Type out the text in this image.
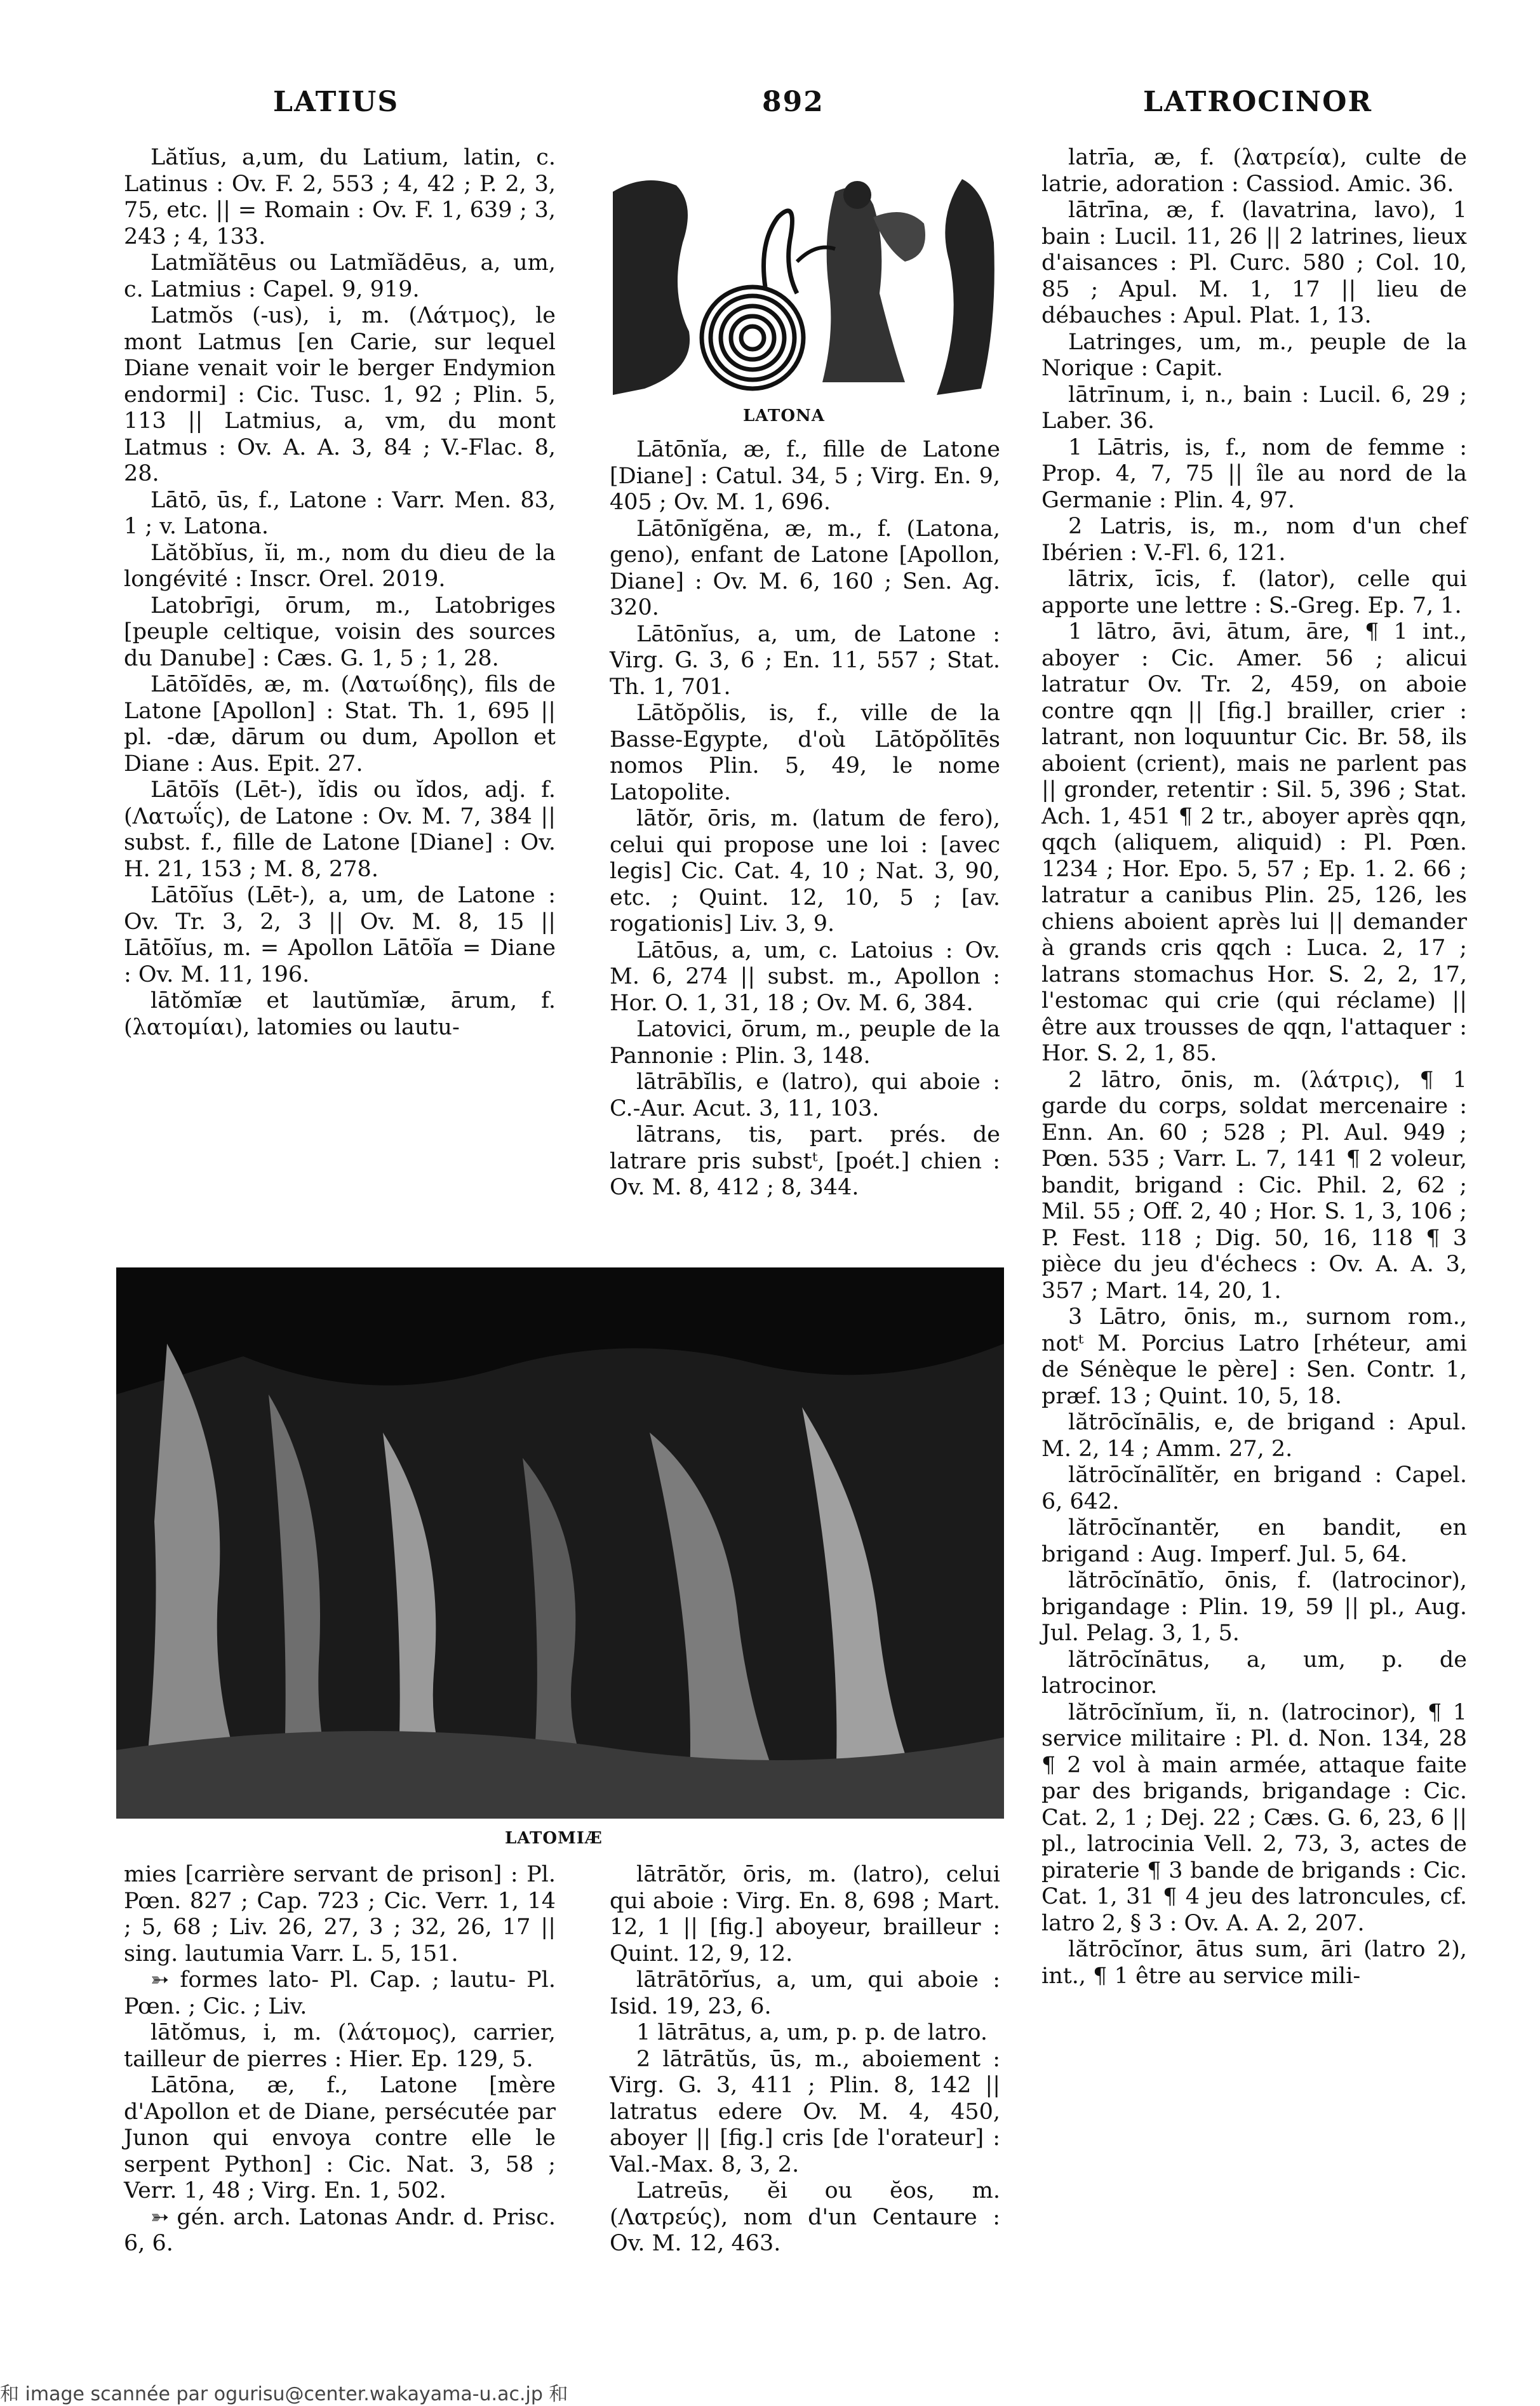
LATIUS	892	LATROCINOR
LATONA
LATOMIÆ

Lătĭus, a,um, du Latium, latin, c. Latinus : Ov. F. 2, 553 ; 4, 42 ; P. 2, 3, 75, etc. || = Romain : Ov. F. 1, 639 ; 3, 243 ; 4, 133.

Latmĭătēus ou Latmĭădēus, a, um, c. Latmius : Capel. 9, 919.

Latmŏs (-us), i, m. (Λάτμος), le mont Latmus [en Carie, sur lequel Diane venait voir le berger Endymion endormi] : Cic. Tusc. 1, 92 ; Plin. 5, 113 || Latmius, a, vm, du mont Latmus : Ov. A. A. 3, 84 ; V.-Flac. 8, 28.

Lātō, ūs, f., Latone : Varr. Men. 83, 1 ; v. Latona.

Lătŏbĭus, ĭi, m., nom du dieu de la longévité : Inscr. Orel. 2019.

Latobrīgi, ōrum, m., Latobriges [peuple celtique, voisin des sources du Danube] : Cæs. G. 1, 5 ; 1, 28.

Lātōĭdēs, æ, m. (Λατωίδης), fils de Latone [Apollon] : Stat. Th. 1, 695 || pl. -dæ, dārum ou dum, Apollon et Diane : Aus. Epit. 27.

Lātōĭs (Lēt-), ĭdis ou ĭdos, adj. f. (Λατωΐς), de Latone : Ov. M. 7, 384 || subst. f., fille de Latone [Diane] : Ov. H. 21, 153 ; M. 8, 278.

Lātōĭus (Lēt-), a, um, de Latone : Ov. Tr. 3, 2, 3 || Ov. M. 8, 15 || Lātōĭus, m. = Apollon Lātōĭa = Diane : Ov. M. 11, 196.

lātŏmĭæ et lautŭmĭæ, ārum, f. (λατομίαι), latomies ou lautu-

Lātōnĭa, æ, f., fille de Latone [Diane] : Catul. 34, 5 ; Virg. En. 9, 405 ; Ov. M. 1, 696.

Lātōnĭgĕna, æ, m., f. (Latona, geno), enfant de Latone [Apollon, Diane] : Ov. M. 6, 160 ; Sen. Ag. 320.

Lātōnĭus, a, um, de Latone : Virg. G. 3, 6 ; En. 11, 557 ; Stat. Th. 1, 701.

Lātŏpŏlis, is, f., ville de la Basse-Egypte, d'où Lātŏpŏlītēs nomos Plin. 5, 49, le nome Latopolite.

lātŏr, ōris, m. (latum de fero), celui qui propose une loi : [avec legis] Cic. Cat. 4, 10 ; Nat. 3, 90, etc. ; Quint. 12, 10, 5 ; [av. rogationis] Liv. 3, 9.

Lātōus, a, um, c. Latoius : Ov. M. 6, 274 || subst. m., Apollon : Hor. O. 1, 31, 18 ; Ov. M. 6, 384.

Latovici, ōrum, m., peuple de la Pannonie : Plin. 3, 148.

lātrābĭlis, e (latro), qui aboie : C.-Aur. Acut. 3, 11, 103.

lātrans, tis, part. prés. de latrare pris substᵗ, [poét.] chien : Ov. M. 8, 412 ; 8, 344.

latrīa, æ, f. (λατρεία), culte de latrie, adoration : Cassiod. Amic. 36.

lātrīna, æ, f. (lavatrina, lavo), 1 bain : Lucil. 11, 26 || 2 latrines, lieux d'aisances : Pl. Curc. 580 ; Col. 10, 85 ; Apul. M. 1, 17 || lieu de débauches : Apul. Plat. 1, 13.

Latringes, um, m., peuple de la Norique : Capit.

lātrīnum, i, n., bain : Lucil. 6, 29 ; Laber. 36.

1 Lātris, is, f., nom de femme : Prop. 4, 7, 75 || île au nord de la Germanie : Plin. 4, 97.

2 Latris, is, m., nom d'un chef Ibérien : V.-Fl. 6, 121.

lātrix, īcis, f. (lator), celle qui apporte une lettre : S.-Greg. Ep. 7, 1.

1 lātro, āvi, ātum, āre, ¶ 1 int., aboyer : Cic. Amer. 56 ; alicui latratur Ov. Tr. 2, 459, on aboie contre qqn || [fig.] brailler, crier : latrant, non loquuntur Cic. Br. 58, ils aboient (crient), mais ne parlent pas || gronder, retentir : Sil. 5, 396 ; Stat. Ach. 1, 451 ¶ 2 tr., aboyer après qqn, qqch (aliquem, aliquid) : Pl. Pœn. 1234 ; Hor. Epo. 5, 57 ; Ep. 1. 2. 66 ; latratur a canibus Plin. 25, 126, les chiens aboient après lui || demander à grands cris qqch : Luca. 2, 17 ; latrans stomachus Hor. S. 2, 2, 17, l'estomac qui crie (qui réclame) || être aux trousses de qqn, l'attaquer : Hor. S. 2, 1, 85.

2 lātro, ōnis, m. (λάτρις), ¶ 1 garde du corps, soldat mercenaire : Enn. An. 60 ; 528 ; Pl. Aul. 949 ; Pœn. 535 ; Varr. L. 7, 141 ¶ 2 voleur, bandit, brigand : Cic. Phil. 2, 62 ; Mil. 55 ; Off. 2, 40 ; Hor. S. 1, 3, 106 ; P. Fest. 118 ; Dig. 50, 16, 118 ¶ 3 pièce du jeu d'échecs : Ov. A. A. 3, 357 ; Mart. 14, 20, 1.

3 Lātro, ōnis, m., surnom rom., notᵗ M. Porcius Latro [rhéteur, ami de Sénèque le père] : Sen. Contr. 1, præf. 13 ; Quint. 10, 5, 18.

lătrōcĭnālis, e, de brigand : Apul. M. 2, 14 ; Amm. 27, 2.

lătrōcĭnālĭtĕr, en brigand : Capel. 6, 642.

lătrōcĭnantĕr, en bandit, en brigand : Aug. Imperf. Jul. 5, 64.

lătrōcĭnātĭo, ōnis, f. (latrocinor), brigandage : Plin. 19, 59 || pl., Aug. Jul. Pelag. 3, 1, 5.

lătrōcĭnātus, a, um, p. de latrocinor.

lătrōcĭnĭum, ĭi, n. (latrocinor), ¶ 1 service militaire : Pl. d. Non. 134, 28 ¶ 2 vol à main armée, attaque faite par des brigands, brigandage : Cic. Cat. 2, 1 ; Dej. 22 ; Cæs. G. 6, 23, 6 || pl., latrocinia Vell. 2, 73, 3, actes de piraterie ¶ 3 bande de brigands : Cic. Cat. 1, 31 ¶ 4 jeu des latroncules, cf. latro 2, § 3 : Ov. A. A. 2, 207.

lătrōcĭnor, ātus sum, āri (latro 2), int., ¶ 1 être au service mili-

mies [carrière servant de prison] : Pl. Pœn. 827 ; Cap. 723 ; Cic. Verr. 1, 14 ; 5, 68 ; Liv. 26, 27, 3 ; 32, 26, 17 || sing. lautumia Varr. L. 5, 151.

➳ formes lato- Pl. Cap. ; lautu- Pl. Pœn. ; Cic. ; Liv.

lātŏmus, i, m. (λάτομος), carrier, tailleur de pierres : Hier. Ep. 129, 5.

Lātōna, æ, f., Latone [mère d'Apollon et de Diane, persécutée par Junon qui envoya contre elle le serpent Python] : Cic. Nat. 3, 58 ; Verr. 1, 48 ; Virg. En. 1, 502.

➳ gén. arch. Latonas Andr. d. Prisc. 6, 6.

lātrātŏr, ōris, m. (latro), celui qui aboie : Virg. En. 8, 698 ; Mart. 12, 1 || [fig.] aboyeur, brailleur : Quint. 12, 9, 12.

lātrātōrĭus, a, um, qui aboie : Isid. 19, 23, 6.

1 lātrātus, a, um, p. p. de latro.

2 lātrātŭs, ūs, m., aboiement : Virg. G. 3, 411 ; Plin. 8, 142 || latratus edere Ov. M. 4, 450, aboyer || [fig.] cris [de l'orateur] : Val.-Max. 8, 3, 2.

Latreūs, ĕi ou ĕos, m. (Λατρεύς), nom d'un Centaure : Ov. M. 12, 463.

和 image scannée par ogurisu@center.wakayama-u.ac.jp 和
